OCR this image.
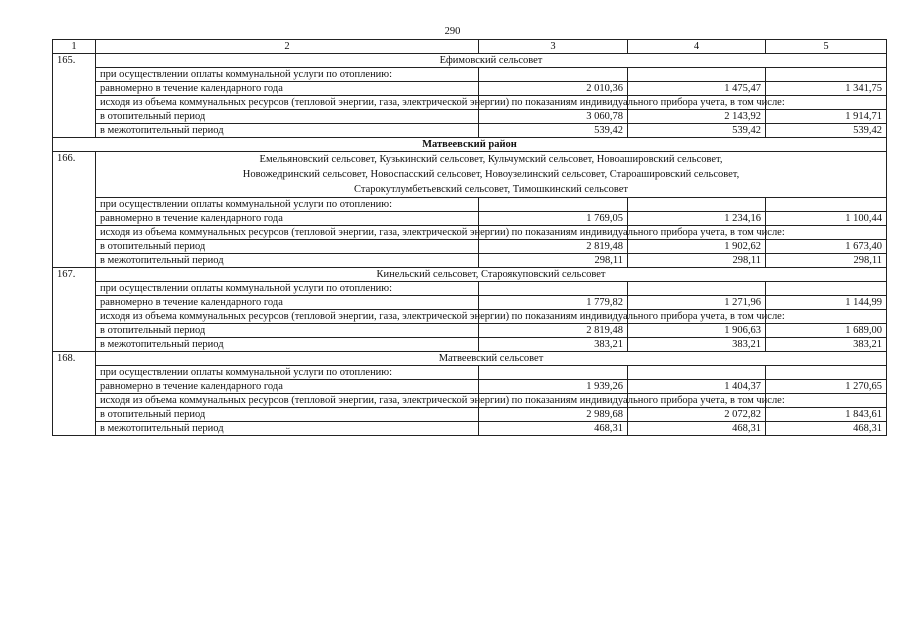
290
1	2	3	4	5
165.	Ефимовский сельсовет			
	при осуществлении оплаты коммунальной услуги по отоплению:			
	равномерно в течение календарного года	2 010,36	1 475,47	1 341,75
	исходя из объема коммунальных ресурсов (тепловой энергии, газа, электрической энергии) по показаниям индивидуального прибора учета, в том числе:			
	в отопительный период	3 060,78	2 143,92	1 914,71
	в межотопительный период	539,42	539,42	539,42
Матвеевский район				
166.	Емельяновский сельсовет, Кузькинский сельсовет, Кульчумский сельсовет, Новоашировский сельсовет,
Новожедринский сельсовет, Новоспасский сельсовет, Новоузелинский сельсовет, Староашировский сельсовет,
Старокутлумбетьевский сельсовет, Тимошкинский сельсовет			

	при осуществлении оплаты коммунальной услуги по отоплению:			
	равномерно в течение календарного года	1 769,05	1 234,16	1 100,44
	исходя из объема коммунальных ресурсов (тепловой энергии, газа, электрической энергии) по показаниям индивидуального прибора учета, в том числе:			
	в отопительный период	2 819,48	1 902,62	1 673,40
	в межотопительный период	298,11	298,11	298,11
167.	Кинельский сельсовет, Староякуповский сельсовет			
	при осуществлении оплаты коммунальной услуги по отоплению:			
	равномерно в течение календарного года	1 779,82	1 271,96	1 144,99
	исходя из объема коммунальных ресурсов (тепловой энергии, газа, электрической энергии) по показаниям индивидуального прибора учета, в том числе:			
	в отопительный период	2 819,48	1 906,63	1 689,00
	в межотопительный период	383,21	383,21	383,21
168.	Матвеевский сельсовет			
	при осуществлении оплаты коммунальной услуги по отоплению:			
	равномерно в течение календарного года	1 939,26	1 404,37	1 270,65
	исходя из объема коммунальных ресурсов (тепловой энергии, газа, электрической энергии) по показаниям индивидуального прибора учета, в том числе:			
	в отопительный период	2 989,68	2 072,82	1 843,61
	в межотопительный период	468,31	468,31	468,31
